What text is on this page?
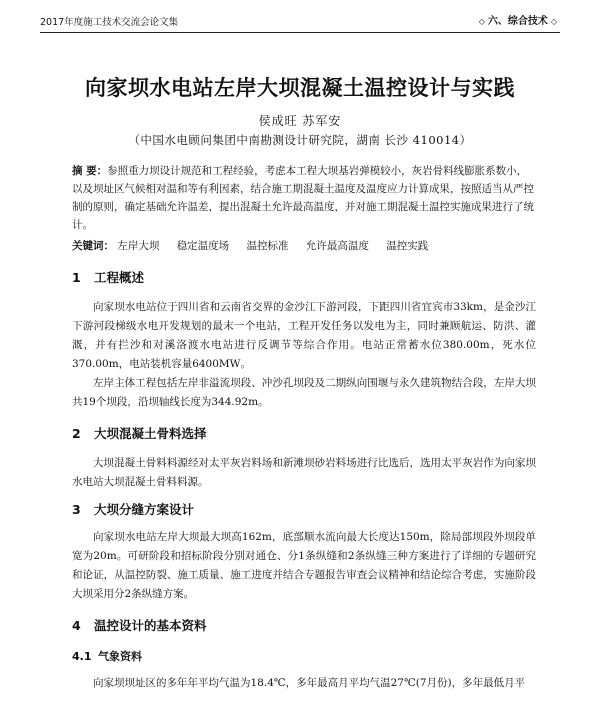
2017年度施工技术交流会论文集	◇ 六、综合技术 ◇
向家坝水电站左岸大坝混凝土温控设计与实践
侯成旺 苏军安
（中国水电顾问集团中南勘测设计研究院，湖南 长沙 410014）
摘 要：参照重力坝设计规范和工程经验，考虑本工程大坝基岩弹模较小，灰岩骨料线膨胀系数小，以及坝址区气候相对温和等有利因素，结合施工期混凝土温度及温度应力计算成果，按照适当从严控制的原则，确定基础允许温差，提出混凝土允许最高温度，并对施工期混凝土温控实施成果进行了统计。
关键词： 左岸大坝 稳定温度场 温控标准 允许最高温度 温控实践
1 工程概述
向家坝水电站位于四川省和云南省交界的金沙江下游河段，下距四川省宜宾市33km，是金沙江下游河段梯级水电开发规划的最末一个电站，工程开发任务以发电为主，同时兼顾航运、防洪、灌溉，并有拦沙和对溪洛渡水电站进行反调节等综合作用。电站正常蓄水位380.00m，死水位370.00m，电站装机容量6400MW。
左岸主体工程包括左岸非溢流坝段、冲沙孔坝段及二期纵向围堰与永久建筑物结合段，左岸大坝共19个坝段，沿坝轴线长度为344.92m。
2 大坝混凝土骨料选择
大坝混凝土骨料料源经对太平灰岩料场和新滩坝砂岩料场进行比选后，选用太平灰岩作为向家坝水电站大坝混凝土骨料料源。
3 大坝分缝方案设计
向家坝水电站左岸大坝最大坝高162m，底部顺水流向最大长度达150m，除局部坝段外坝段单宽为20m。可研阶段和招标阶段分别对通仓、分1条纵缝和2条纵缝三种方案进行了详细的专题研究和论证，从温控防裂、施工质量、施工进度并结合专题报告审查会议精神和结论综合考虑，实施阶段大坝采用分2条纵缝方案。
4 温控设计的基本资料
4.1 气象资料
向家坝坝址区的多年年平均气温为18.4℃，多年最高月平均气温27℃(7月份)，多年最低月平
